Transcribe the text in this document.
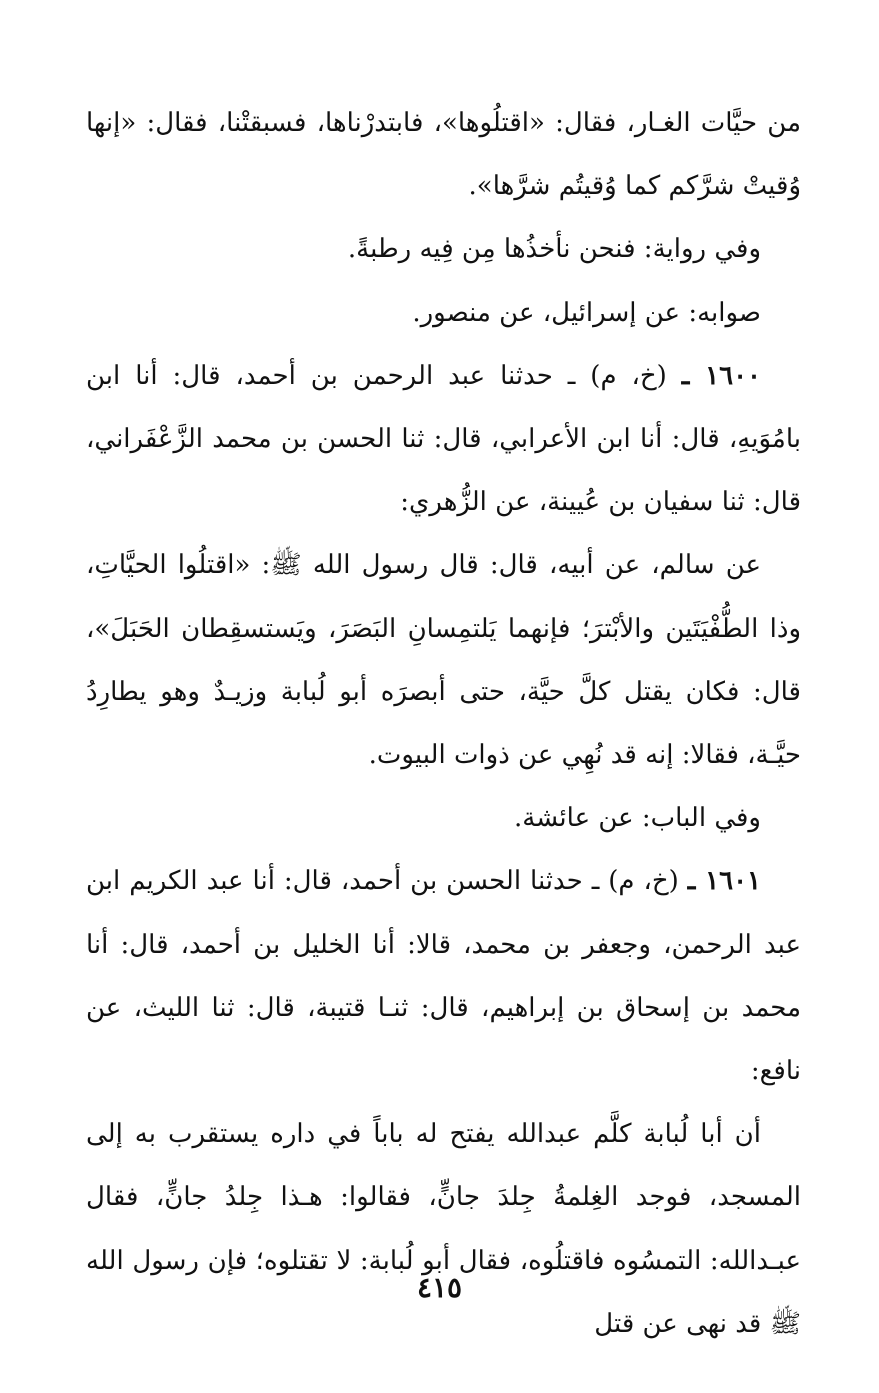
من حيَّات الغـار، فقال: «اقتلُوها»، فابتدرْناها، فسبقتْنا، فقال: «إنها وُقيتْ شرَّكم كما وُقيتُم شرَّها».

وفي رواية: فنحن نأخذُها مِن فِيه رطبةً.

صوابه: عن إسرائيل، عن منصور.

١٦٠٠ ـ (خ، م) ـ حدثنا عبد الرحمن بن أحمد، قال: أنا ابن بامُوَيهِ، قال: أنا ابن الأعرابي، قال: ثنا الحسن بن محمد الزَّعْفَراني، قال: ثنا سفيان بن عُيينة، عن الزُّهري:

عن سالم، عن أبيه، قال: قال رسول الله ﷺ: «اقتلُوا الحيَّاتِ، وذا الطُّفْيَتَين والأبْترَ؛ فإنهما يَلتمِسانِ البَصَرَ، ويَستسقِطان الحَبَلَ»، قال: فكان يقتل كلَّ حيَّة، حتى أبصرَه أبو لُبابة وزيـدٌ وهو يطارِدُ حيَّـة، فقالا: إنه قد نُهِي عن ذوات البيوت.

وفي الباب: عن عائشة.

١٦٠١ ـ (خ، م) ـ حدثنا الحسن بن أحمد، قال: أنا عبد الكريم ابن عبد الرحمن، وجعفر بن محمد، قالا: أنا الخليل بن أحمد، قال: أنا محمد بن إسحاق بن إبراهيم، قال: ثنـا قتيبة، قال: ثنا الليث، عن نافع:

أن أبا لُبابة كلَّم عبدالله يفتح له باباً في داره يستقرب به إلى المسجد، فوجد الغِلمةُ جِلدَ جانٍّ، فقالوا: هـذا جِلدُ جانٍّ، فقال عبـدالله: التمسُوه فاقتلُوه، فقال أبو لُبابة: لا تقتلوه؛ فإن رسول الله ﷺ قد نهى عن قتل

٤١٥
